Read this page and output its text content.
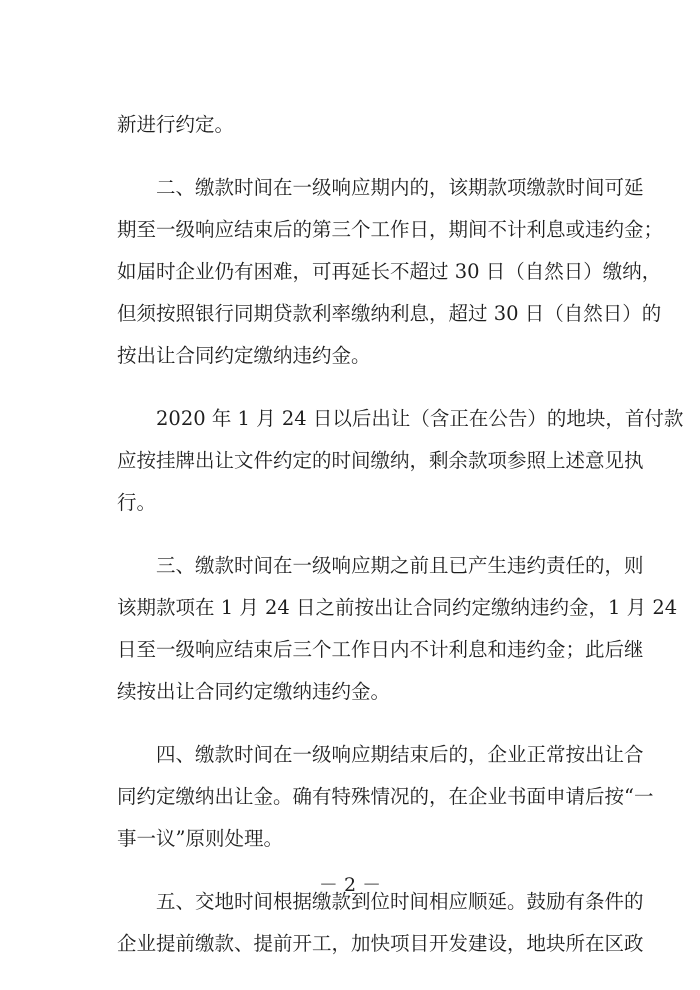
新进行约定。
　　二、缴款时间在一级响应期内的，该期款项缴款时间可延
期至一级响应结束后的第三个工作日，期间不计利息或违约金；
如届时企业仍有困难，可再延长不超过 30 日（自然日）缴纳，
但须按照银行同期贷款利率缴纳利息，超过 30 日（自然日）的
按出让合同约定缴纳违约金。
　　2020 年 1 月 24 日以后出让（含正在公告）的地块，首付款
应按挂牌出让文件约定的时间缴纳，剩余款项参照上述意见执
行。
　　三、缴款时间在一级响应期之前且已产生违约责任的，则
该期款项在 1 月 24 日之前按出让合同约定缴纳违约金，1 月 24
日至一级响应结束后三个工作日内不计利息和违约金；此后继
续按出让合同约定缴纳违约金。
　　四、缴款时间在一级响应期结束后的，企业正常按出让合
同约定缴纳出让金。确有特殊情况的，在企业书面申请后按“一
事一议”原则处理。
　　五、交地时间根据缴款到位时间相应顺延。鼓励有条件的
企业提前缴款、提前开工，加快项目开发建设，地块所在区政
－ 2 －
